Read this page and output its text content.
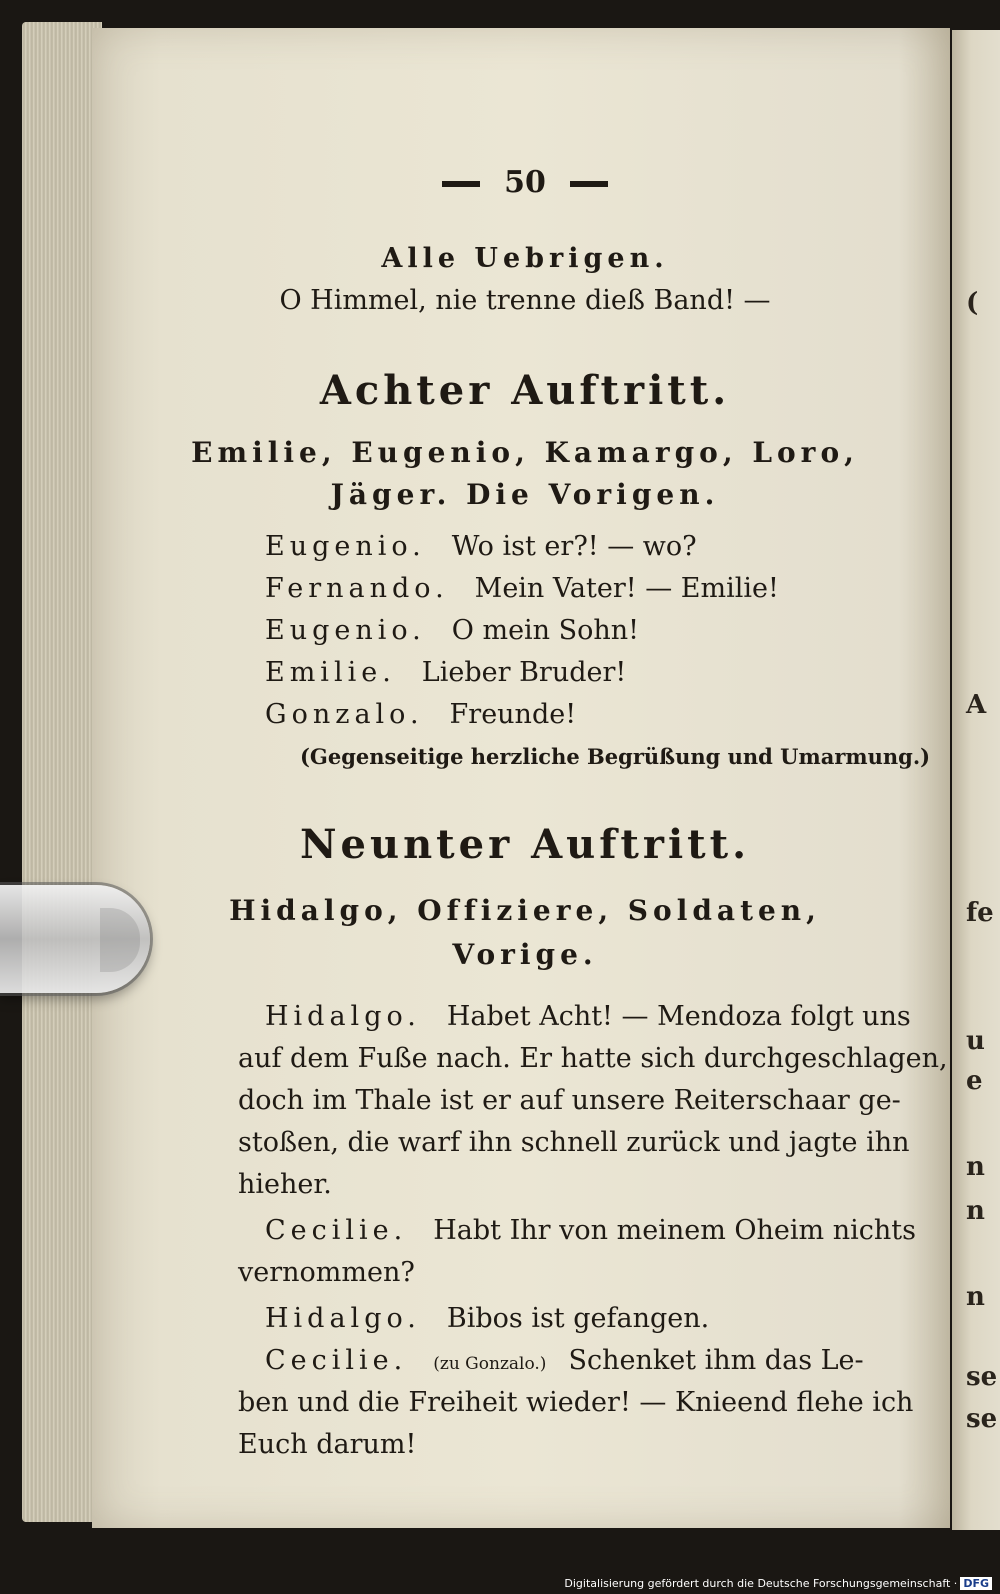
(
A
fe
u
e
n
n
n
se
se
50
Alle Uebrigen.
O Himmel, nie trenne dieß Band! —
Achter Auftritt.
Emilie, Eugenio, Kamargo, Loro,
Jäger. Die Vorigen.
Eugenio. Wo ist er?! — wo?
Fernando. Mein Vater! — Emilie!
Eugenio. O mein Sohn!
Emilie. Lieber Bruder!
Gonzalo. Freunde!
(Gegenseitige herzliche Begrüßung und Umarmung.)
Neunter Auftritt.
Hidalgo, Offiziere, Soldaten,
Vorige.
Hidalgo. Habet Acht! — Mendoza folgt uns
auf dem Fuße nach. Er hatte sich durchgeschlagen,
doch im Thale ist er auf unsere Reiterschaar ge-
stoßen, die warf ihn schnell zurück und jagte ihn
hieher.
Cecilie. Habt Ihr von meinem Oheim nichts
vernommen?
Hidalgo. Bibos ist gefangen.
Cecilie. (zu Gonzalo.) Schenket ihm das Le-
ben und die Freiheit wieder! — Knieend flehe ich
Euch darum!
Digitalisierung gefördert durch die Deutsche Forschungsgemeinschaft · DFG
